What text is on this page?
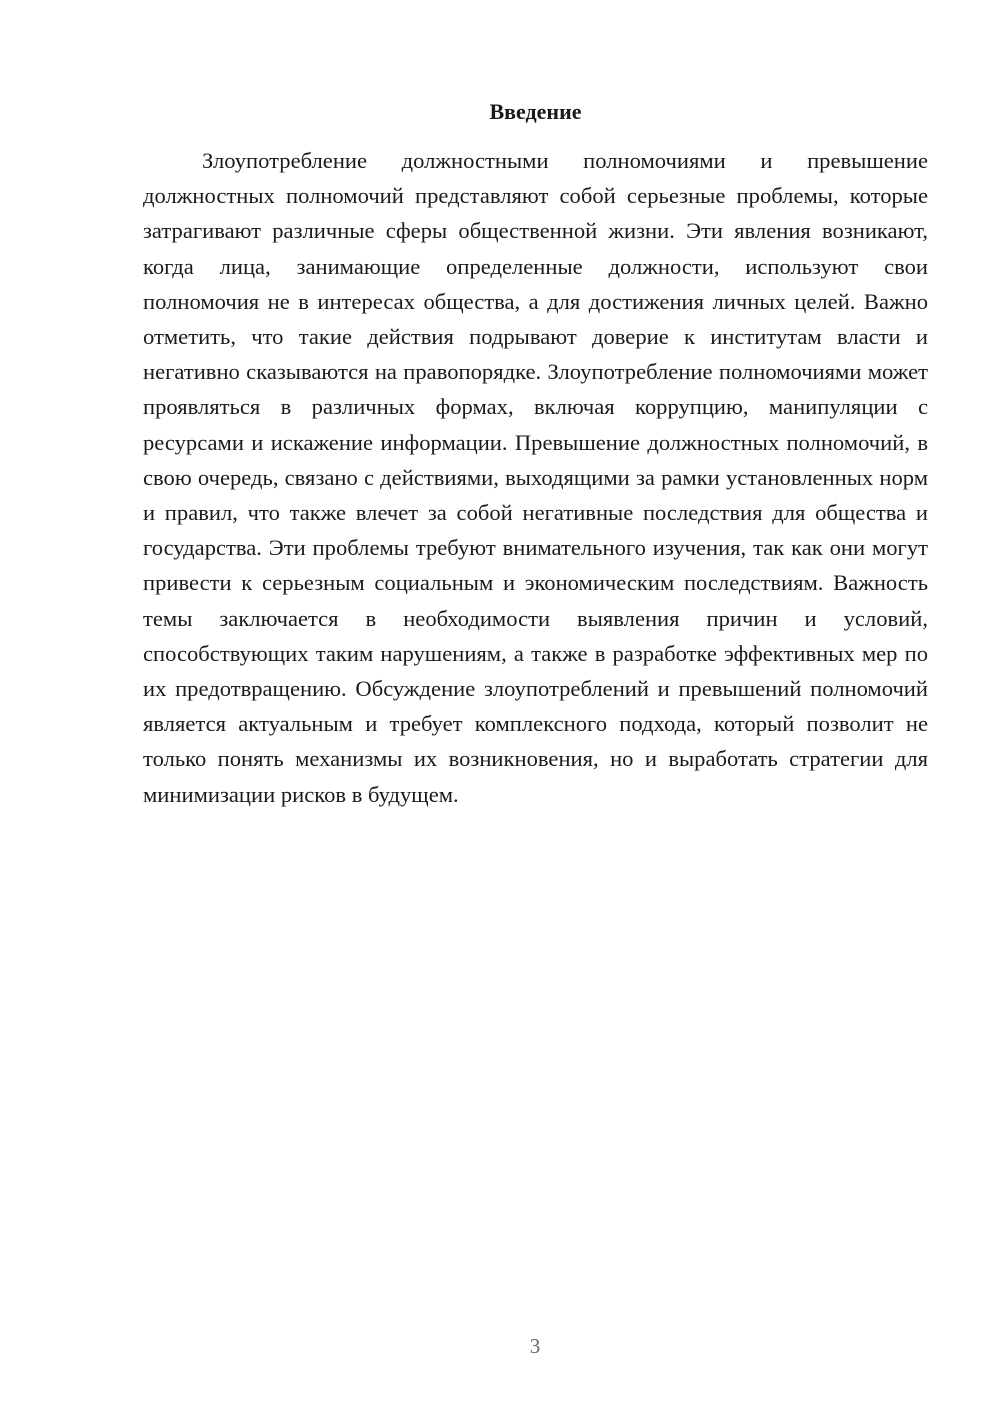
Введение

Злоупотребление должностными полномочиями и превышение должностных полномочий представляют собой серьезные проблемы, которые затрагивают различные сферы общественной жизни. Эти явления возникают, когда лица, занимающие определенные должности, используют свои полномочия не в интересах общества, а для достижения личных целей. Важно отметить, что такие действия подрывают доверие к институтам власти и негативно сказываются на правопорядке. Злоупотребление полномочиями может проявляться в различных формах, включая коррупцию, манипуляции с ресурсами и искажение информации. Превышение должностных полномочий, в свою очередь, связано с действиями, выходящими за рамки установленных норм и правил, что также влечет за собой негативные последствия для общества и государства. Эти проблемы требуют внимательного изучения, так как они могут привести к серьезным социальным и экономическим последствиям. Важность темы заключается в необходимости выявления причин и условий, способствующих таким нарушениям, а также в разработке эффективных мер по их предотвращению. Обсуждение злоупотреблений и превышений полномочий является актуальным и требует комплексного подхода, который позволит не только понять механизмы их возникновения, но и выработать стратегии для минимизации рисков в будущем.

3
